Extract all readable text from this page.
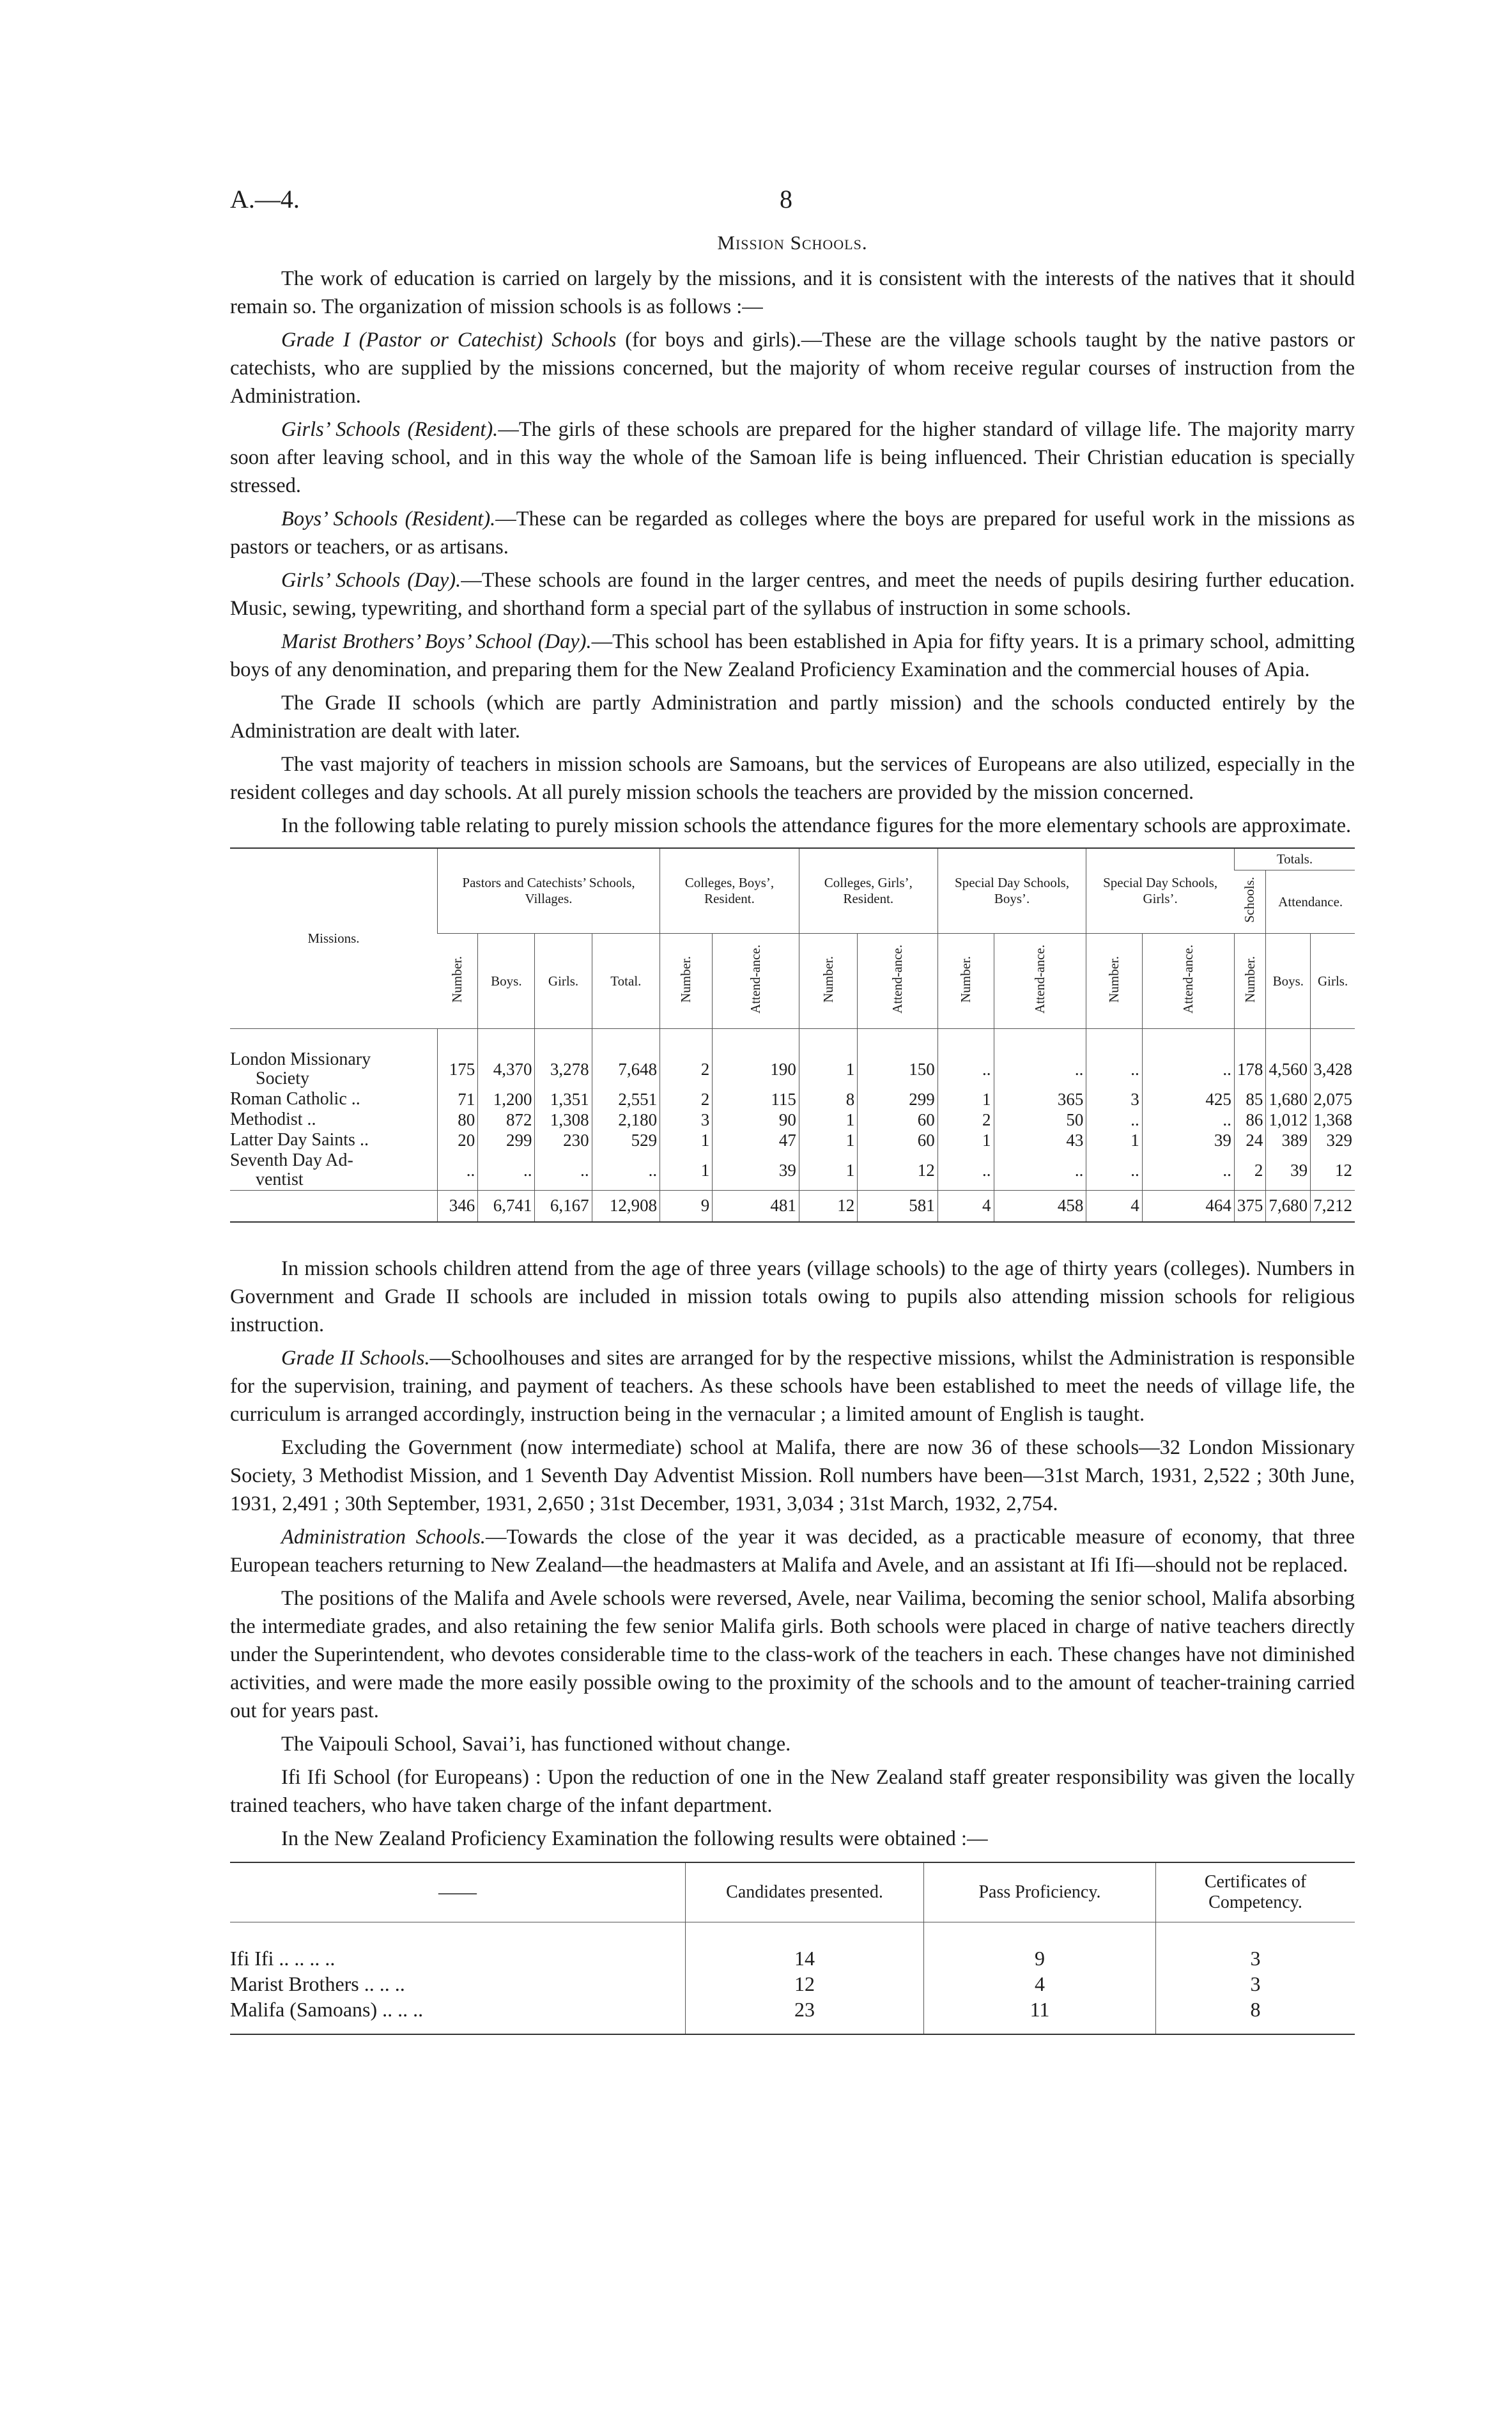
A.—4.	8
Mission Schools.

The work of education is carried on largely by the missions, and it is consistent with the interests of the natives that it should remain so. The organization of mission schools is as follows :—

Grade I (Pastor or Catechist) Schools (for boys and girls).—These are the village schools taught by the native pastors or catechists, who are supplied by the missions concerned, but the majority of whom receive regular courses of instruction from the Administration.

Girls’ Schools (Resident).—The girls of these schools are prepared for the higher standard of village life. The majority marry soon after leaving school, and in this way the whole of the Samoan life is being influenced. Their Christian education is specially stressed.

Boys’ Schools (Resident).—These can be regarded as colleges where the boys are prepared for useful work in the missions as pastors or teachers, or as artisans.

Girls’ Schools (Day).—These schools are found in the larger centres, and meet the needs of pupils desiring further education. Music, sewing, typewriting, and shorthand form a special part of the syllabus of instruction in some schools.

Marist Brothers’ Boys’ School (Day).—This school has been established in Apia for fifty years. It is a primary school, admitting boys of any denomination, and preparing them for the New Zealand Proficiency Examination and the commercial houses of Apia.

The Grade II schools (which are partly Administration and partly mission) and the schools conducted entirely by the Administration are dealt with later.

The vast majority of teachers in mission schools are Samoans, but the services of Europeans are also utilized, especially in the resident colleges and day schools. At all purely mission schools the teachers are provided by the mission concerned.

In the following table relating to purely mission schools the attendance figures for the more elementary schools are approximate.

Missions.	Pastors and Catechists’ Schools, Villages.				Colleges, Boys’, Resident.		Colleges, Girls’, Resident.		Special Day Schools, Boys’.		Special Day Schools, Girls’.		Totals.		
													Schools.	Attendance.	
	Number.	Boys.	Girls.	Total.	Number.	Attend-ance.	Number.	Attend-ance.	Number.	Attend-ance.	Number.	Attend-ance.	Number.	Boys.	Girls.

London Missionary
Society	175	4,370	3,278	7,648	2	190	1	150	..	..	..	..	178	4,560	3,428

Roman Catholic ..	71	1,200	1,351	2,551	2	115	8	299	1	365	3	425	85	1,680	2,075

Methodist ..	80	872	1,308	2,180	3	90	1	60	2	50	..	..	86	1,012	1,368

Latter Day Saints ..	20	299	230	529	1	47	1	60	1	43	1	39	24	389	329

Seventh Day Ad-
ventist	..	..	..	..	1	39	1	12	..	..	..	..	2	39	12
	346	6,741	6,167	12,908	9	481	12	581	4	458	4	464	375	7,680	7,212

In mission schools children attend from the age of three years (village schools) to the age of thirty years (colleges). Numbers in Government and Grade II schools are included in mission totals owing to pupils also attending mission schools for religious instruction.

Grade II Schools.—Schoolhouses and sites are arranged for by the respective missions, whilst the Administration is responsible for the supervision, training, and payment of teachers. As these schools have been established to meet the needs of village life, the curriculum is arranged accordingly, instruction being in the vernacular ; a limited amount of English is taught.

Excluding the Government (now intermediate) school at Malifa, there are now 36 of these schools—32 London Missionary Society, 3 Methodist Mission, and 1 Seventh Day Adventist Mission. Roll numbers have been—31st March, 1931, 2,522 ; 30th June, 1931, 2,491 ; 30th September, 1931, 2,650 ; 31st December, 1931, 3,034 ; 31st March, 1932, 2,754.

Administration Schools.—Towards the close of the year it was decided, as a practicable measure of economy, that three European teachers returning to New Zealand—the headmasters at Malifa and Avele, and an assistant at Ifi Ifi—should not be replaced.

The positions of the Malifa and Avele schools were reversed, Avele, near Vailima, becoming the senior school, Malifa absorbing the intermediate grades, and also retaining the few senior Malifa girls. Both schools were placed in charge of native teachers directly under the Superintendent, who devotes considerable time to the class-work of the teachers in each. These changes have not diminished activities, and were made the more easily possible owing to the proximity of the schools and to the amount of teacher-training carried out for years past.

The Vaipouli School, Savai’i, has functioned without change.

Ifi Ifi School (for Europeans) : Upon the reduction of one in the New Zealand staff greater responsibility was given the locally trained teachers, who have taken charge of the infant department.

In the New Zealand Proficiency Examination the following results were obtained :—

——	Candidates presented.	Pass Proficiency.	Certificates of Competency.
Ifi Ifi .. .. .. ..	14	9	3
Marist Brothers .. .. ..	12	4	3
Malifa (Samoans) .. .. ..	23	11	8
